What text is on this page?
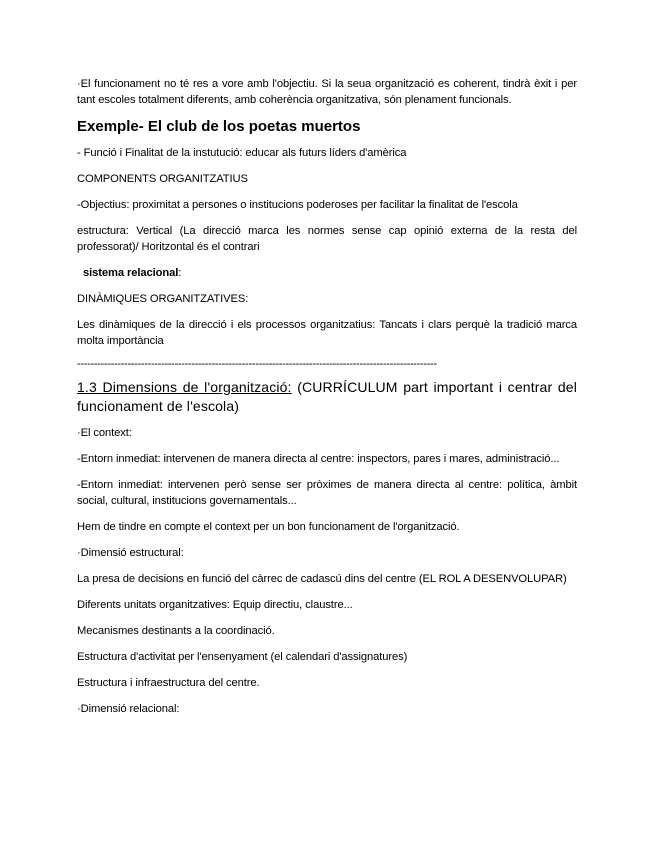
·El funcionament no té res a vore amb l'objectiu. Si la seua organització es coherent, tindrà èxit i per tant escoles totalment diferents, amb coherència organitzativa, són plenament funcionals.

Exemple- El club de los poetas muertos

- Funció i Finalitat de la instutució: educar als futurs líders d'amèrica

COMPONENTS ORGANITZATIUS

-Objectius: proximitat a persones o institucions poderoses per facilitar la finalitat de l'escola

estructura: Vertical (La direcció marca les normes sense cap opinió externa de la resta del professorat)/ Horitzontal és el contrari

sistema relacional:

DINÀMIQUES ORGANITZATIVES:

Les dinàmiques de la direcció i els processos organitzatius: Tancats i clars perquè la tradició marca molta importància

-----------------------------------------------------------------------------------------------------------

1.3 Dimensions de l'organització: (CURRÍCULUM part important i centrar del funcionament de l'escola)

·El context:

-Entorn inmediat: intervenen de manera directa al centre: inspectors, pares i mares, administració...

-Entorn inmediat: intervenen però sense ser pròximes de manera directa al centre: política, àmbit social, cultural, institucions governamentals...

Hem de tindre en compte el context per un bon funcionament de l'organització.

·Dimensió estructural:

La presa de decisions en funció del càrrec de cadascú dins del centre (EL ROL A DESENVOLUPAR)

Diferents unitats organitzatives: Equip directiu, claustre...

Mecanismes destinants a la coordinació.

Estructura d'activitat per l'ensenyament (el calendari d'assignatures)

Estructura i infraestructura del centre.

·Dimensió relacional:
